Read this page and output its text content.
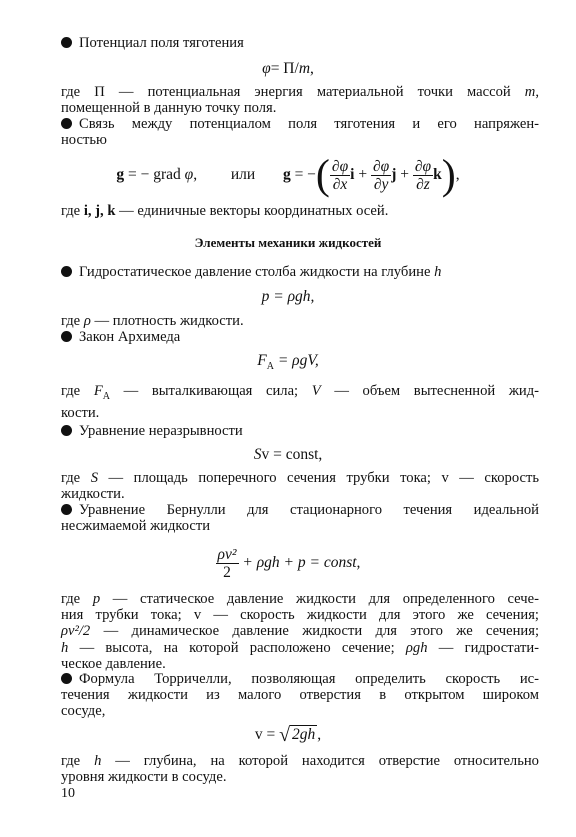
Потенциал поля тяготения

φ= Π/m,

где Π — потенциальная энергия материальной точки массой m,
помещенной в данную точку поля.

Связь между потенциалом поля тяготения и его напряжен-
ностью

g = − grad φ, или g = −( $\frac{\partial\varphi}{\partial x}$ $i + \frac{\partial\varphi}{\partial y}$ $j + \frac{\partial\varphi}{\partial z} k$),

где i, j, k — единичные векторы координатных осей.

Элементы механики жидкостей

Гидростатическое давление столба жидкости на глубине h

p = ρgh,

где ρ — плотность жидкости.

Закон Архимеда

$F_A = \rho gV$,

где $F_A$ — выталкивающая сила; V — объем вытесненной жид-
кости.

Уравнение неразрывности

Sv = const,

где S — площадь поперечного сечения трубки тока; v — скорость
жидкости.

Уравнение Бернулли для стационарного течения идеальной
несжимаемой жидкости

$\frac{\text{ρv²}}{2} + \rho gh + p$ = const,

где p — статическое давление жидкости для определенного сече-
ния трубки тока; v — скорость жидкости для этого же сечения;
ρv²/2 — динамическое давление жидкости для этого же сечения;
h — высота, на которой расположено сечение; ρgh — гидростати-
ческое давление.

Формула Торричелли, позволяющая определить скорость ис-
течения жидкости из малого отверстия в открытом широком
сосуде,

v = √ 2gh ,

где h — глубина, на которой находится отверстие относительно
уровня жидкости в сосуде.

10
